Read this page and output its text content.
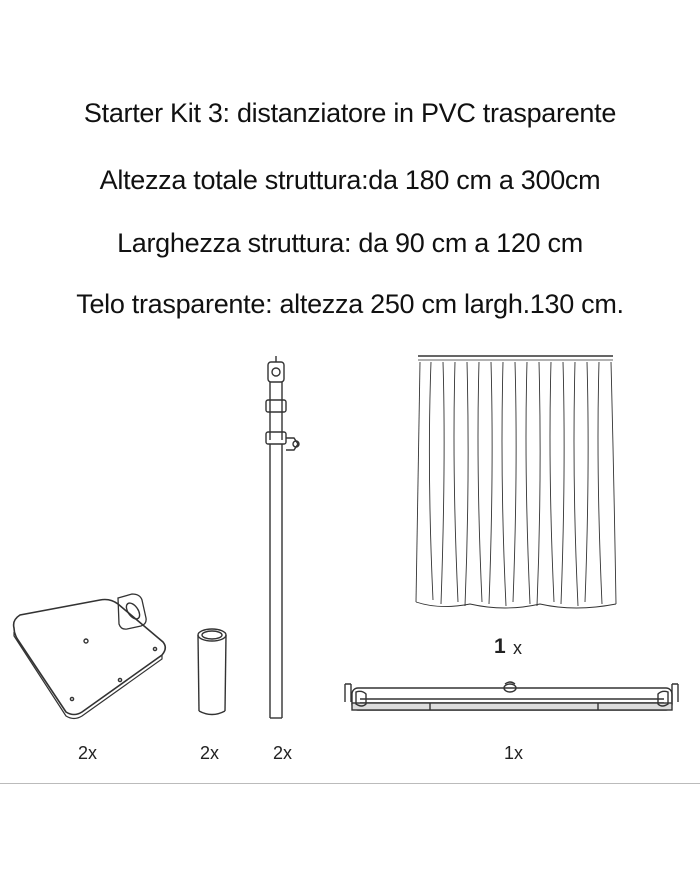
Starter Kit 3: distanziatore in PVC trasparente
Altezza totale struttura:da 180 cm a 300cm
Larghezza struttura: da 90 cm a 120 cm
Telo trasparente: altezza 250 cm largh.130 cm.
2x	2x	2x
1 x
1x
